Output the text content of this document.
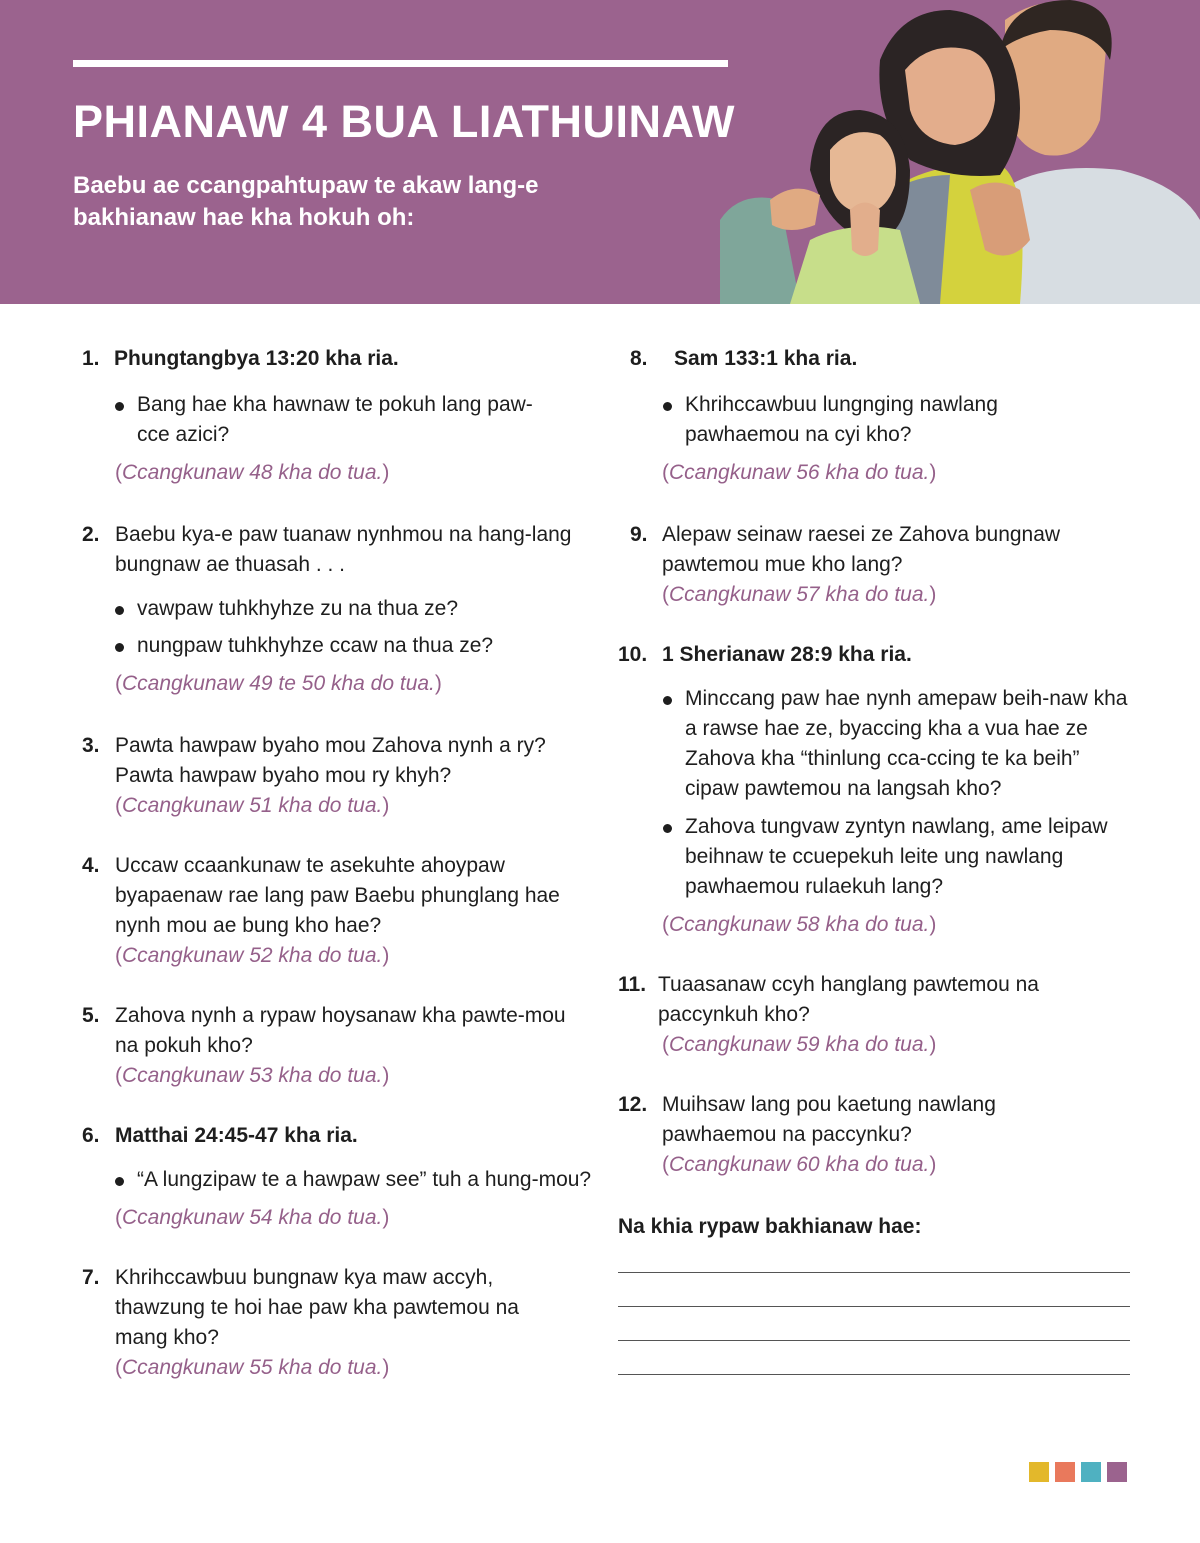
PHIANAW 4 BUA LIATHUINAW

Baebu ae ccangpahtupaw te akaw lang-e bakhianaw hae kha hokuh oh:

1. Phungtangbya 13:20 kha ria.
Bang hae kha hawnaw te pokuh lang paw-cce azici?
(Ccangkunaw 48 kha do tua.)
2. Baebu kya-e paw tuanaw nynhmou na hang-lang bungnaw ae thuasah . . .
vawpaw tuhkhyhze zu na thua ze?
nungpaw tuhkhyhze ccaw na thua ze?
(Ccangkunaw 49 te 50 kha do tua.)
3. Pawta hawpaw byaho mou Zahova nynh a ry? Pawta hawpaw byaho mou ry khyh?
(Ccangkunaw 51 kha do tua.)
4. Uccaw ccaankunaw te asekuhte ahoypaw byapaenaw rae lang paw Baebu phunglang hae nynh mou ae bung kho hae?
(Ccangkunaw 52 kha do tua.)
5. Zahova nynh a rypaw hoysanaw kha pawte-mou na pokuh kho?
(Ccangkunaw 53 kha do tua.)
6. Matthai 24:45-47 kha ria.
“A lungzipaw te a hawpaw see” tuh a hung-mou?
(Ccangkunaw 54 kha do tua.)
7. Khrihccawbuu bungnaw kya maw accyh, thawzung te hoi hae paw kha pawtemou na mang kho?
(Ccangkunaw 55 kha do tua.)
8.	Sam 133:1 kha ria.
Khrihccawbuu lungnging nawlang pawhaemou na cyi kho?
(Ccangkunaw 56 kha do tua.)
9. Alepaw seinaw raesei ze Zahova bungnaw pawtemou mue kho lang?
(Ccangkunaw 57 kha do tua.)
10. 1 Sherianaw 28:9 kha ria.
Minccang paw hae nynh amepaw beih-naw kha a rawse hae ze, byaccing kha a vua hae ze Zahova kha “thinlung cca-ccing te ka beih” cipaw pawtemou na langsah kho?
Zahova tungvaw zyntyn nawlang, ame leipaw beihnaw te ccuepekuh leite ung nawlang pawhaemou rulaekuh lang?
(Ccangkunaw 58 kha do tua.)
11. Tuaasanaw ccyh hanglang pawtemou na paccynkuh kho?
(Ccangkunaw 59 kha do tua.)
12. Muihsaw lang pou kaetung nawlang pawhaemou na paccynku?
(Ccangkunaw 60 kha do tua.)
Na khia rypaw bakhianaw hae:
